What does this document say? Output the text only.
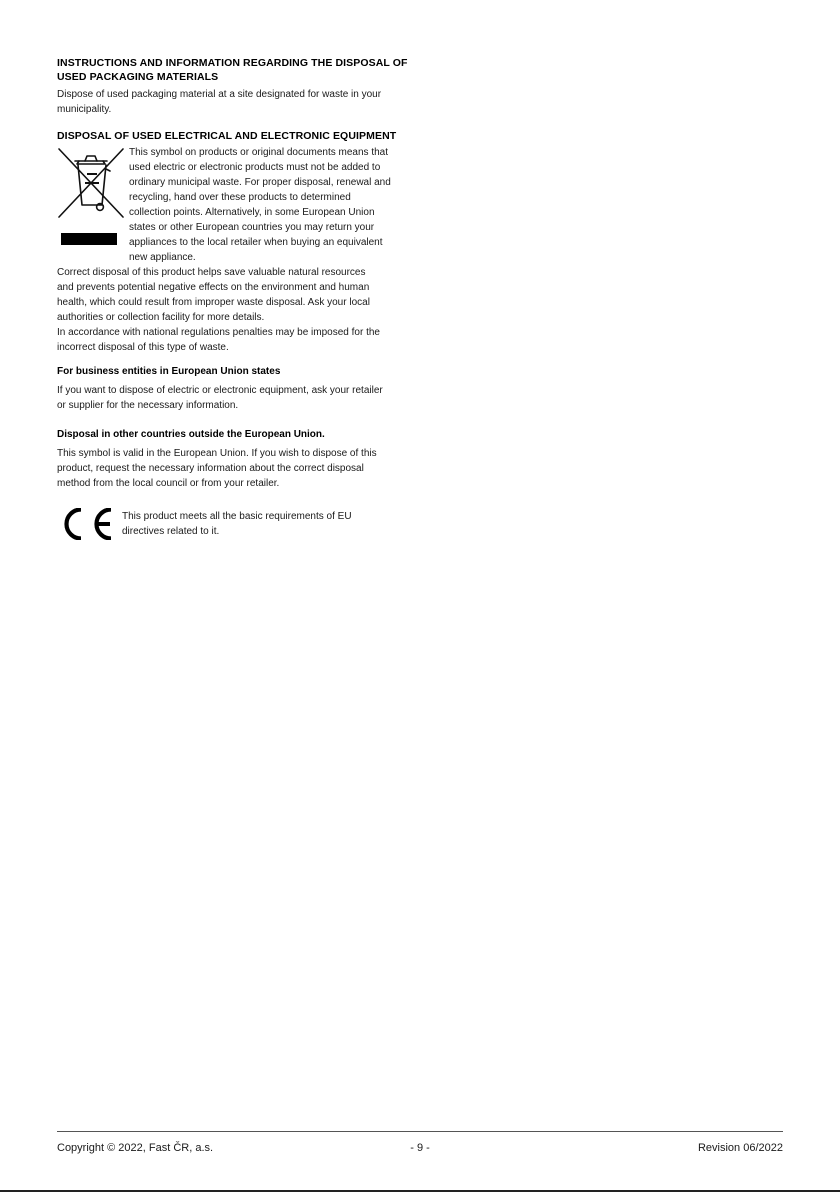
INSTRUCTIONS AND INFORMATION REGARDING THE DISPOSAL OF
USED PACKAGING MATERIALS

Dispose of used packaging material at a site designated for waste in your
municipality.

DISPOSAL OF USED ELECTRICAL AND ELECTRONIC EQUIPMENT
This symbol on products or original documents means that
used electric or electronic products must not be added to
ordinary municipal waste. For proper disposal, renewal and
recycling, hand over these products to determined
collection points. Alternatively, in some European Union
states or other European countries you may return your
appliances to the local retailer when buying an equivalent
new appliance.
Correct disposal of this product helps save valuable natural resources
and prevents potential negative effects on the environment and human
health, which could result from improper waste disposal. Ask your local
authorities or collection facility for more details.
In accordance with national regulations penalties may be imposed for the
incorrect disposal of this type of waste.
For business entities in European Union states
If you want to dispose of electric or electronic equipment, ask your retailer
or supplier for the necessary information.
Disposal in other countries outside the European Union.
This symbol is valid in the European Union. If you wish to dispose of this
product, request the necessary information about the correct disposal
method from the local council or from your retailer.
This product meets all the basic requirements of EU
directives related to it.
Copyright © 2022, Fast ČR, a.s.	- 9 -	Revision 06/2022
